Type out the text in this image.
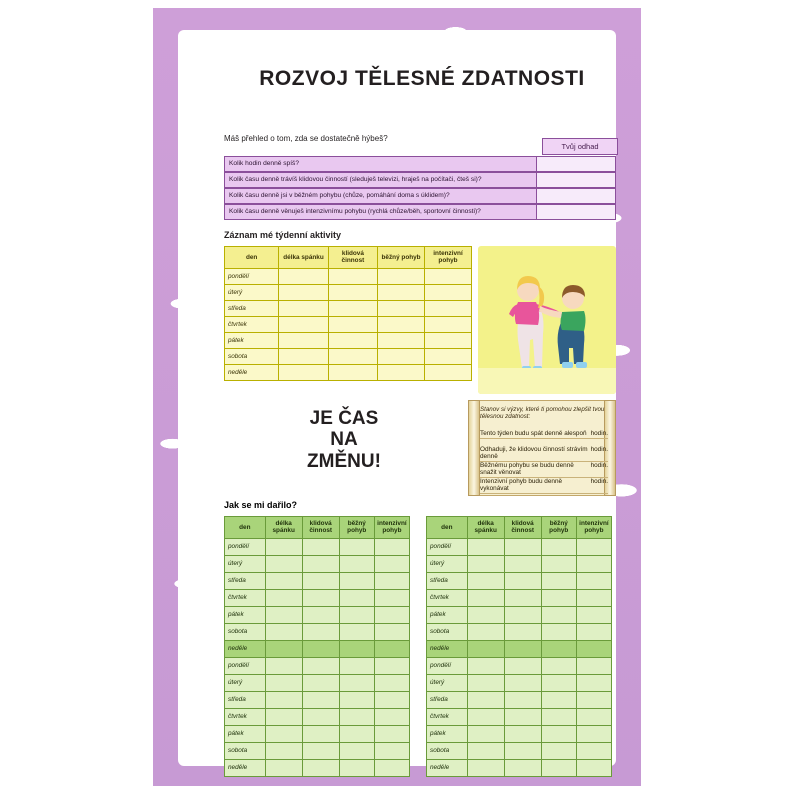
ROZVOJ TĚLESNÉ ZDATNOSTI
Máš přehled o tom, zda se dostatečně hýbeš?
Tvůj odhad
Kolik hodin denně spíš?
Kolik času denně trávíš klidovou činností (sleduješ televizi, hraješ na počítači, čteš si)?
Kolik času denně jsi v běžném pohybu (chůze, pomáhání doma s úklidem)?
Kolik času denně věnuješ intenzivnímu pohybu (rychlá chůze/běh, sportovní činnosti)?
Záznam mé týdenní aktivity
den	délka spánku	klidová činnost	běžný pohyb	intenzivní pohyb
pondělí				
úterý				
středa				
čtvrtek				
pátek				
sobota				
neděle				
JE ČAS
NA
ZMĚNU!
Stanov si výzvy, které ti pomohou zlepšit tvou tělesnou zdatnost:
Tento týden budu spát denně alespoň hodin.
Odhaduji, že klidovou činností strávím denně
hodin.
Běžnému pohybu se budu denně snažit věnovat
hodin.
Intenzivní pohyb budu denně vykonávat
hodin.
Jak se mi dařilo?
den	délka spánku	klidová činnost	běžný pohyb	intenzivní pohyb
pondělí				
úterý				
středa				
čtvrtek				
pátek				
sobota				
neděle				
pondělí				
úterý				
středa				
čtvrtek				
pátek				
sobota				
neděle				
den	délka spánku	klidová činnost	běžný pohyb	intenzivní pohyb
pondělí				
úterý				
středa				
čtvrtek				
pátek				
sobota				
neděle				
pondělí				
úterý				
středa				
čtvrtek				
pátek				
sobota				
neděle				
